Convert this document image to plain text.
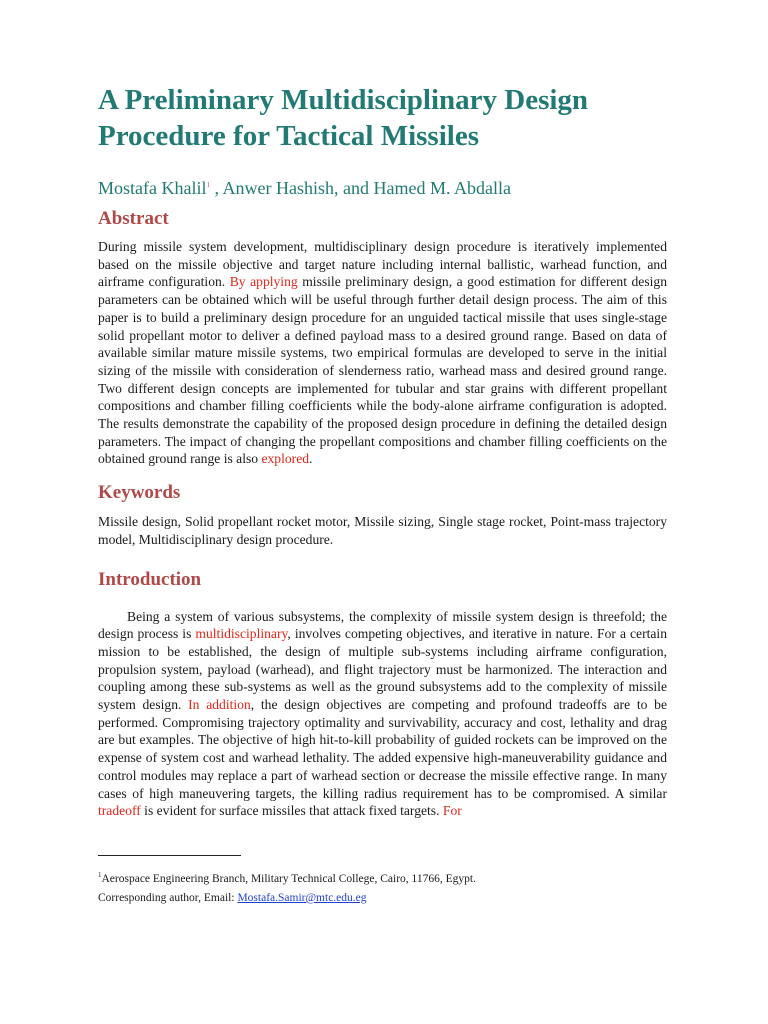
A Preliminary Multidisciplinary Design Procedure for Tactical Missiles
Mostafa Khalil$^1$ , Anwer Hashish, and Hamed M. Abdalla
Abstract

During missile system development, multidisciplinary design procedure is iteratively implemented based on the missile objective and target nature including internal ballistic, warhead function, and airframe configuration. By applying missile preliminary design, a good estimation for different design parameters can be obtained which will be useful through further detail design process. The aim of this paper is to build a preliminary design procedure for an unguided tactical missile that uses single-stage solid propellant motor to deliver a defined payload mass to a desired ground range. Based on data of available similar mature missile systems, two empirical formulas are developed to serve in the initial sizing of the missile with consideration of slenderness ratio, warhead mass and desired ground range. Two different design concepts are implemented for tubular and star grains with different propellant compositions and chamber filling coefficients while the body-alone airframe configuration is adopted. The results demonstrate the capability of the proposed design procedure in defining the detailed design parameters. The impact of changing the propellant compositions and chamber filling coefficients on the obtained ground range is also explored.

Keywords

Missile design, Solid propellant rocket motor, Missile sizing, Single stage rocket, Point-mass trajectory model, Multidisciplinary design procedure.

Introduction

Being a system of various subsystems, the complexity of missile system design is threefold; the design process is multidisciplinary, involves competing objectives, and iterative in nature. For a certain mission to be established, the design of multiple sub-systems including airframe configuration, propulsion system, payload (warhead), and flight trajectory must be harmonized. The interaction and coupling among these sub-systems as well as the ground subsystems add to the complexity of missile system design. In addition, the design objectives are competing and profound tradeoffs are to be performed. Compromising trajectory optimality and survivability, accuracy and cost, lethality and drag are but examples. The objective of high hit-to-kill probability of guided rockets can be improved on the expense of system cost and warhead lethality. The added expensive high-maneuverability guidance and control modules may replace a part of warhead section or decrease the missile effective range. In many cases of high maneuvering targets, the killing radius requirement has to be compromised. A similar tradeoff is evident for surface missiles that attack fixed targets. For

$^1$Aerospace Engineering Branch, Military Technical College, Cairo, 11766, Egypt.
Corresponding author, Email: Mostafa.Samir@mtc.edu.eg
